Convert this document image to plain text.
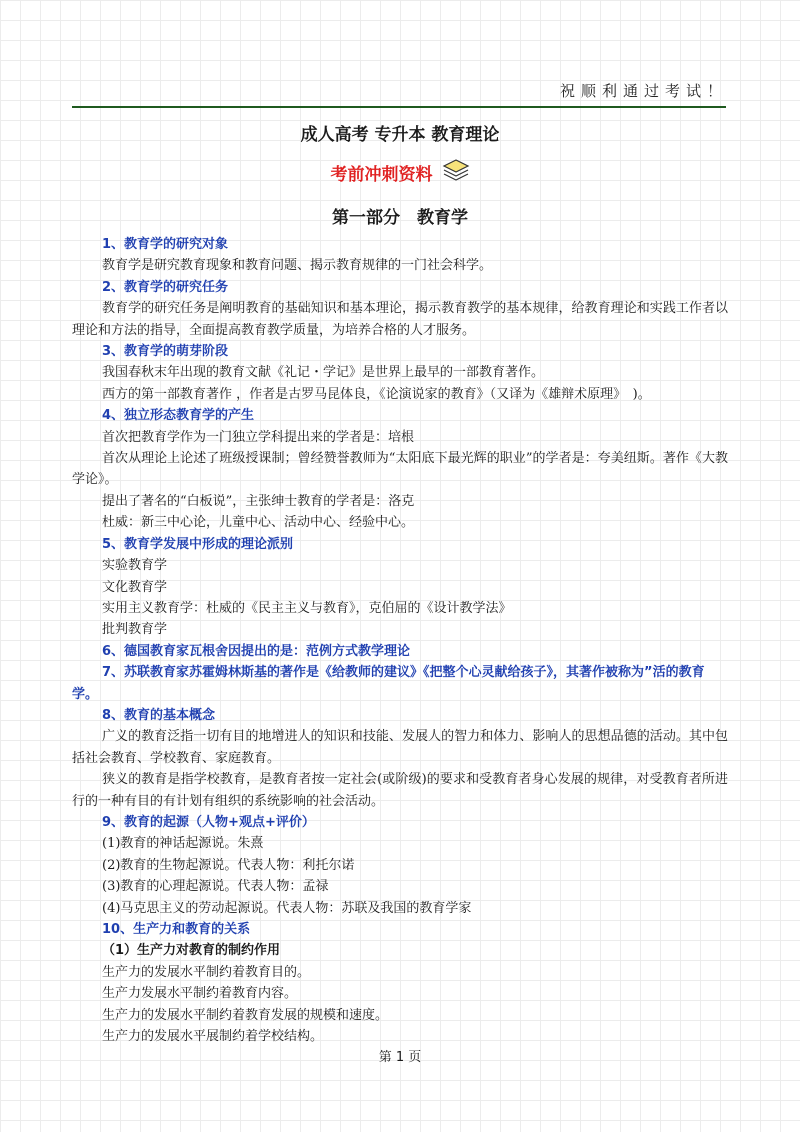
祝顺利通过考试！
成人高考 专升本 教育理论
考前冲刺资料
第一部分　教育学
1、教育学的研究对象
教育学是研究教育现象和教育问题、揭示教育规律的一门社会科学。
2、教育学的研究任务
教育学的研究任务是阐明教育的基础知识和基本理论，揭示教育教学的基本规律，给教育理论和实践工作者以理论和方法的指导，全面提高教育教学质量，为培养合格的人才服务。
3、教育学的萌芽阶段
我国春秋末年出现的教育文献《礼记・学记》是世界上最早的一部教育著作。
西方的第一部教育著作 ，作者是古罗马昆体良，《论演说家的教育》（又译为《雄辩术原理》　)。
4、独立形态教育学的产生
首次把教育学作为一门独立学科提出来的学者是：培根
首次从理论上论述了班级授课制；曾经赞誉教师为“太阳底下最光辉的职业”的学者是：夸美纽斯。著作《大教学论》。
提出了著名的“白板说”，主张绅士教育的学者是：洛克
杜威：新三中心论，儿童中心、活动中心、经验中心。
5、教育学发展中形成的理论派别
实验教育学
文化教育学
实用主义教育学：杜威的《民主主义与教育》，克伯屈的《设计教学法》
批判教育学
6、德国教育家瓦根舍因提出的是：范例方式教学理论
7、苏联教育家苏霍姆林斯基的著作是《给教师的建议》《把整个心灵献给孩子》，其著作被称为”活的教育学。
8、教育的基本概念
广义的教育泛指一切有目的地增进人的知识和技能、发展人的智力和体力、影响人的思想品德的活动。其中包括社会教育、学校教育、家庭教育。
狭义的教育是指学校教育，是教育者按一定社会(或阶级)的要求和受教育者身心发展的规律，对受教育者所进行的一种有目的有计划有组织的系统影响的社会活动。
9、教育的起源（人物+观点+评价）
(1)教育的神话起源说。朱熹
(2)教育的生物起源说。代表人物：利托尔诺
(3)教育的心理起源说。代表人物：孟禄
(4)马克思主义的劳动起源说。代表人物：苏联及我国的教育学家
10、生产力和教育的关系
（1）生产力对教育的制约作用
生产力的发展水平制约着教育目的。
生产力发展水平制约着教育内容。
生产力的发展水平制约着教育发展的规模和速度。
生产力的发展水平展制约着学校结构。
第 1 页
